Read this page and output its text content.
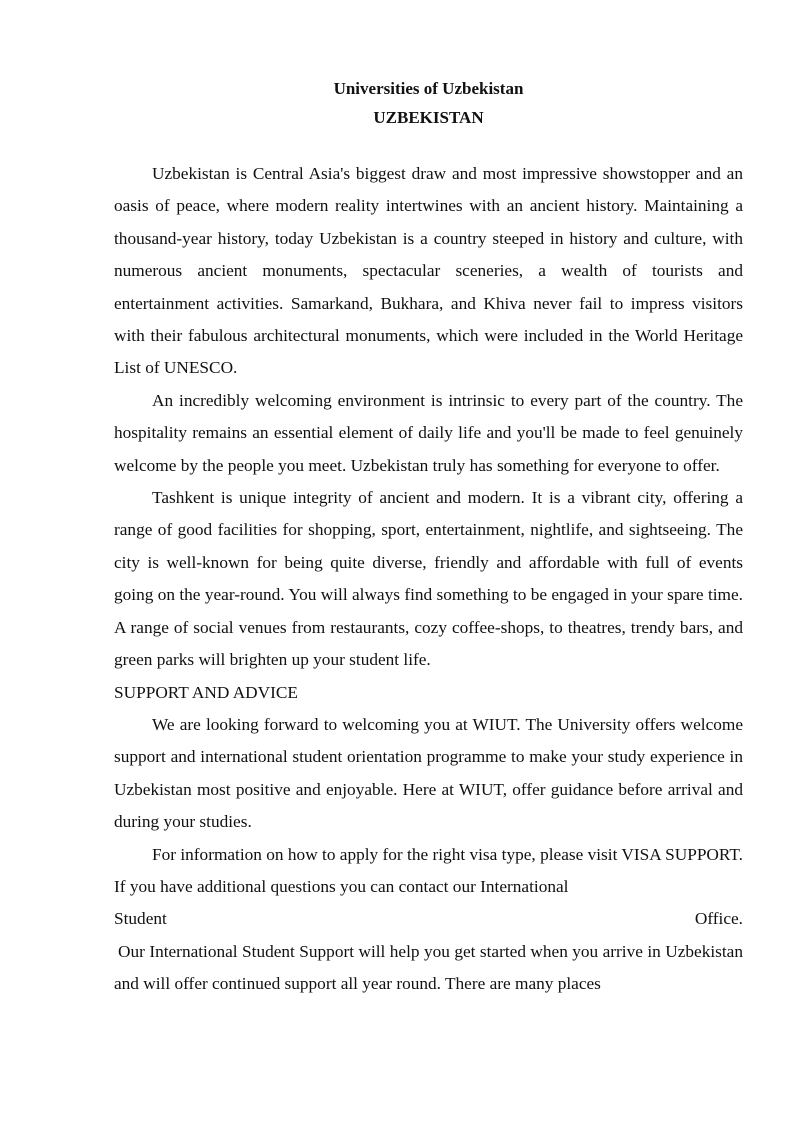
Universities of Uzbekistan
UZBEKISTAN

Uzbekistan is Central Asia's biggest draw and most impressive showstopper and an oasis of peace, where modern reality intertwines with an ancient history. Maintaining a thousand-year history, today Uzbekistan is a country steeped in history and culture, with numerous ancient monuments, spectacular sceneries, a wealth of tourists and entertainment activities. Samarkand, Bukhara, and Khiva never fail to impress visitors with their fabulous architectural monuments, which were included in the World Heritage List of UNESCO.

An incredibly welcoming environment is intrinsic to every part of the country. The hospitality remains an essential element of daily life and you'll be made to feel genuinely welcome by the people you meet. Uzbekistan truly has something for everyone to offer.

Tashkent is unique integrity of ancient and modern. It is a vibrant city, offering a range of good facilities for shopping, sport, entertainment, nightlife, and sightseeing. The city is well-known for being quite diverse, friendly and affordable with full of events going on the year-round. You will always find something to be engaged in your spare time. A range of social venues from restaurants, cozy coffee-shops, to theatres, trendy bars, and green parks will brighten up your student life.

SUPPORT AND ADVICE

We are looking forward to welcoming you at WIUT. The University offers welcome support and international student orientation programme to make your study experience in Uzbekistan most positive and enjoyable. Here at WIUT, offer guidance before arrival and during your studies.

For information on how to apply for the right visa type, please visit VISA SUPPORT. If you have additional questions you can contact our International

Student	Office.

Our International Student Support will help you get started when you arrive in Uzbekistan and will offer continued support all year round. There are many places
